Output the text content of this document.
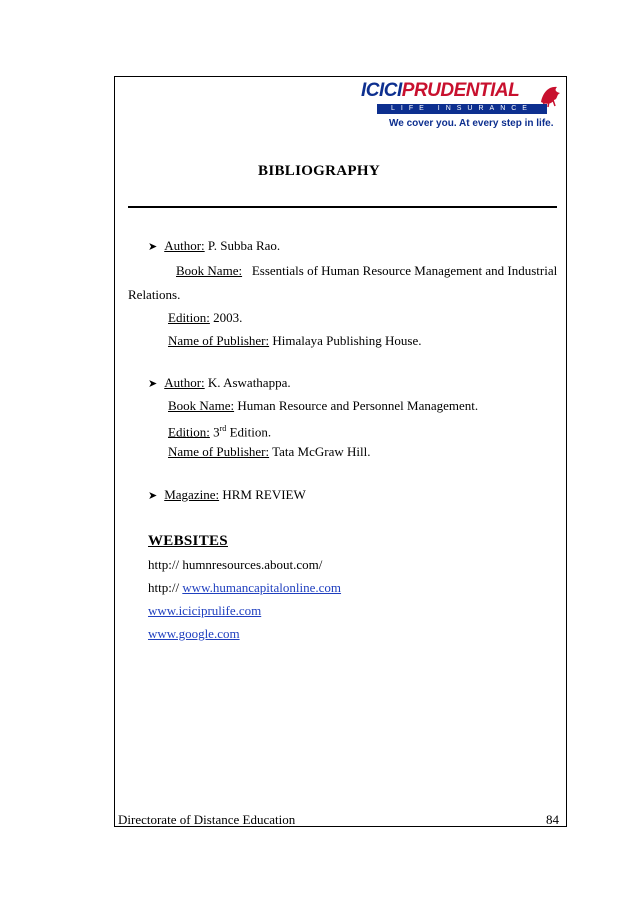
ICICIPRUDENTIAL
LIFE INSURANCE
We cover you. At every step in life.
BIBLIOGRAPHY
➤ Author: P. Subba Rao.
Book Name: Essentials of Human Resource Management and Industrial
Relations.
Edition: 2003.
Name of Publisher: Himalaya Publishing House.
➤ Author: K. Aswathappa.
Book Name: Human Resource and Personnel Management.
Edition: 3rd Edition.
Name of Publisher: Tata McGraw Hill.
➤ Magazine: HRM REVIEW
WEBSITES
http:// humnresources.about.com/
http:// www.humancapitalonline.com
www.iciciprulife.com
www.google.com
Directorate of Distance Education	84
